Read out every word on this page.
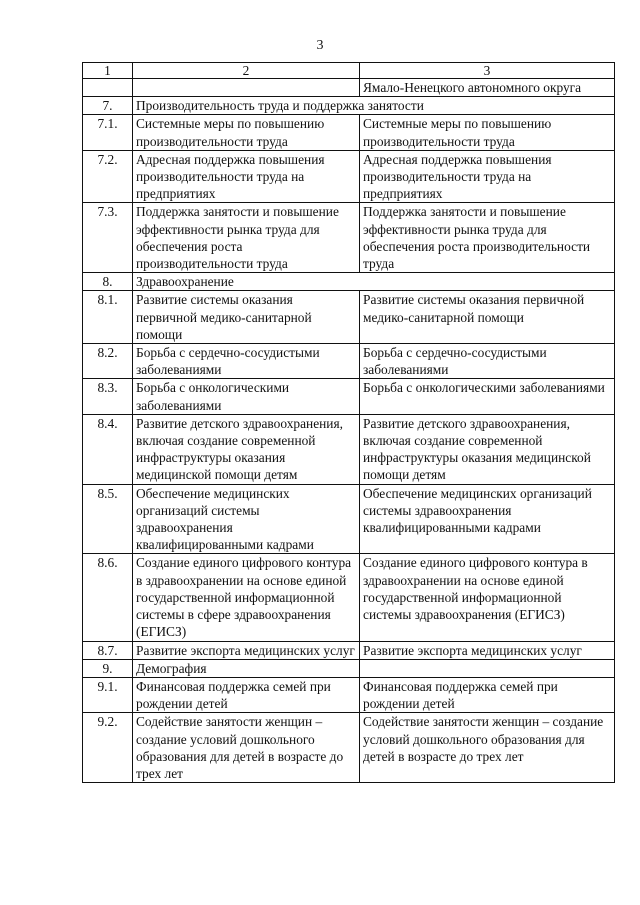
3
1	2	3
		Ямало-Ненецкого автономного округа
7.	Производительность труда и поддержка занятости	
7.1.	Системные меры по повышению производительности труда	Системные меры по повышению производительности труда
7.2.	Адресная поддержка повышения производительности труда на предприятиях	Адресная поддержка повышения производительности труда на предприятиях
7.3.	Поддержка занятости и повышение эффективности рынка труда для обеспечения роста производительности труда	Поддержка занятости и повышение эффективности рынка труда для обеспечения роста производительности труда
8.	Здравоохранение	
8.1.	Развитие системы оказания первичной медико-санитарной помощи	Развитие системы оказания первичной медико-санитарной помощи
8.2.	Борьба с сердечно-сосудистыми заболеваниями	Борьба с сердечно-сосудистыми заболеваниями
8.3.	Борьба с онкологическими заболеваниями	Борьба с онкологическими заболеваниями
8.4.	Развитие детского здравоохранения, включая создание современной инфраструктуры оказания медицинской помощи детям	Развитие детского здравоохранения, включая создание современной инфраструктуры оказания медицинской помощи детям
8.5.	Обеспечение медицинских организаций системы здравоохранения квалифицированными кадрами	Обеспечение медицинских организаций системы здравоохранения квалифицированными кадрами
8.6.	Создание единого цифрового контура в здравоохранении на основе единой государственной информационной системы в сфере здравоохранения (ЕГИСЗ)	Создание единого цифрового контура в здравоохранении на основе единой государственной информационной системы здравоохранения (ЕГИСЗ)
8.7.	Развитие экспорта медицинских услуг	Развитие экспорта медицинских услуг
9.	Демография	
9.1.	Финансовая поддержка семей при рождении детей	Финансовая поддержка семей при рождении детей
9.2.	Содействие занятости женщин – создание условий дошкольного образования для детей в возрасте до трех лет	Содействие занятости женщин – создание условий дошкольного образования для детей в возрасте до трех лет
